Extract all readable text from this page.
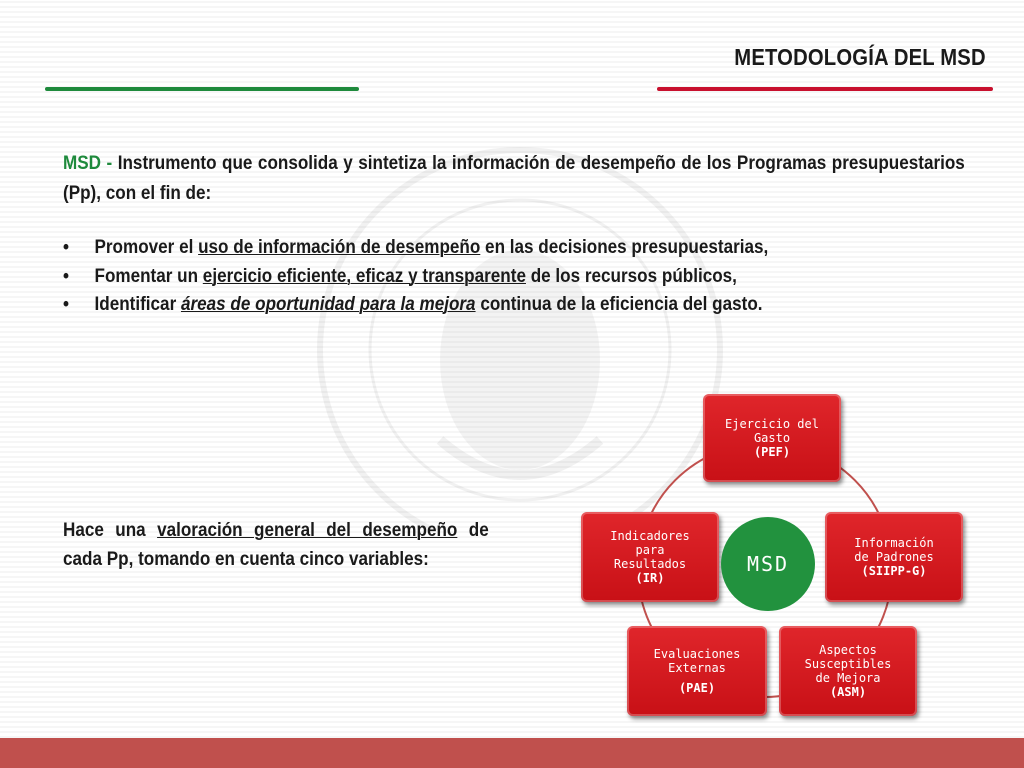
METODOLOGÍA DEL MSD
MSD - Instrumento que consolida y sintetiza la información de desempeño de los Programas presupuestarios (Pp), con el fin de:
• Promover el uso de información de desempeño en las decisiones presupuestarias,
• Fomentar un ejercicio eficiente, eficaz y transparente de los recursos públicos,
• Identificar áreas de oportunidad para la mejora continua de la eficiencia del gasto.
Hace una valoración general del desempeño de cada Pp, tomando en cuenta cinco variables:
Ejercicio del
Gasto
(PEF)
Información
de Padrones
(SIIPP-G)
Aspectos
Susceptibles
de Mejora
(ASM)
Evaluaciones
Externas
(PAE)
Indicadores
para
Resultados
(IR)
MSD
